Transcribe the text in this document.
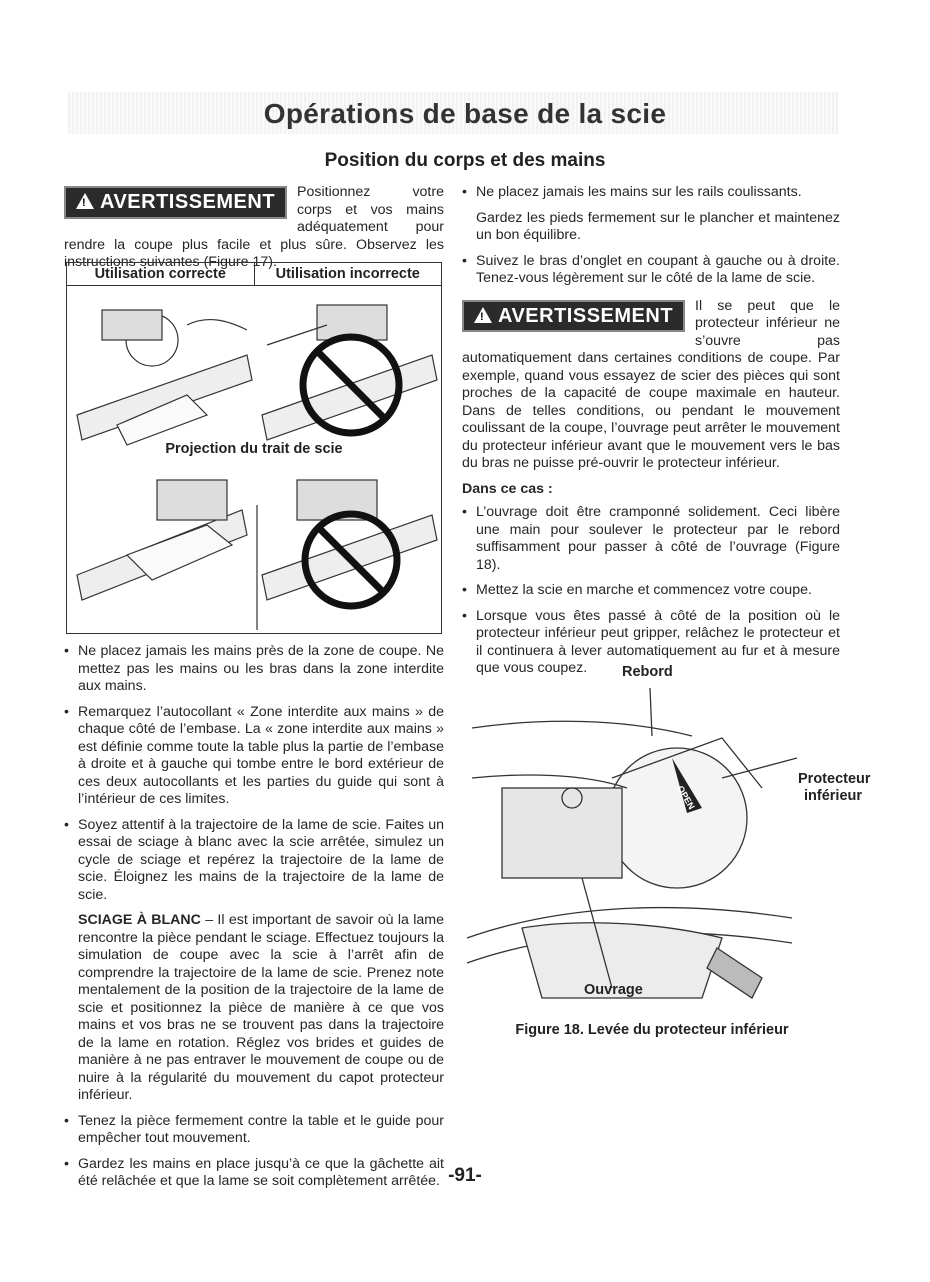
Opérations de base de la scie
Position du corps et des mains
!AVERTISSEMENT	Positionnez votre corps et vos mains adéquatement pour rendre la coupe plus facile et plus sûre. Observez les instructions suivantes (Figure 17).

Utilisation correcte	Utilisation incorrecte
Projection du trait de scie
• Ne placez jamais les mains près de la zone de coupe. Ne mettez pas les mains ou les bras dans la zone interdite aux mains.
• Remarquez l’autocollant « Zone interdite aux mains » de chaque côté de l’embase. La « zone interdite aux mains » est définie comme toute la table plus la partie de l’embase à droite et à gauche qui tombe entre le bord extérieur de ces deux autocollants et les parties du guide qui sont à l’intérieur de ces limites.
• Soyez attentif à la trajectoire de la lame de scie. Faites un essai de sciage à blanc avec la scie arrêtée, simulez un cycle de sciage et repérez la trajectoire de la lame de scie. Éloignez les mains de la trajectoire de la lame de scie.

SCIAGE À BLANC – Il est important de savoir où la lame rencontre la pièce pendant le sciage. Effectuez toujours la simulation de coupe avec la scie à l’arrêt afin de comprendre la trajectoire de la lame de scie. Prenez note mentalement de la position de la trajectoire de la lame de scie et positionnez la pièce de manière à ce que vos mains et vos bras ne se trouvent pas dans la trajectoire de la lame en rotation. Réglez vos brides et guides de manière à ne pas entraver le mouvement de coupe ou de nuire à la régularité du mouvement du capot protecteur inférieur.

• Tenez la pièce fermement contre la table et le guide pour empêcher tout mouvement.
• Gardez les mains en place jusqu’à ce que la gâchette ait été relâchée et que la lame se soit complètement arrêtée.
• Ne placez jamais les mains sur les rails coulissants.

Gardez les pieds fermement sur le plancher et maintenez un bon équilibre.

• Suivez le bras d’onglet en coupant à gauche ou à droite. Tenez-vous légèrement sur le côté de la lame de scie.
!AVERTISSEMENT	Il se peut que le protecteur inférieur ne s’ouvre pas automatiquement dans certaines conditions de coupe. Par exemple, quand vous essayez de scier des pièces qui sont proches de la capacité de coupe maximale en hauteur. Dans de telles conditions, ou pendant le mouvement coulissant de la coupe, l’ouvrage peut arrêter le mouvement du protecteur inférieur avant que le mouvement vers le bas du bras ne puisse pré-ouvrir le protecteur inférieur.

Dans ce cas :
• L’ouvrage doit être cramponné solidement. Ceci libère une main pour soulever le protecteur par le rebord suffisamment pour passer à côté de l’ouvrage (Figure 18).
• Mettez la scie en marche et commencez votre coupe.
• Lorsque vous êtes passé à côté de la position où le protecteur inférieur peut gripper, relâchez le protecteur et il continuera à lever automatiquement au fur et à mesure que vous coupez.
OPEN
Rebord
Protecteur
inférieur
Ouvrage
Figure 18. Levée du protecteur inférieur
-91-
